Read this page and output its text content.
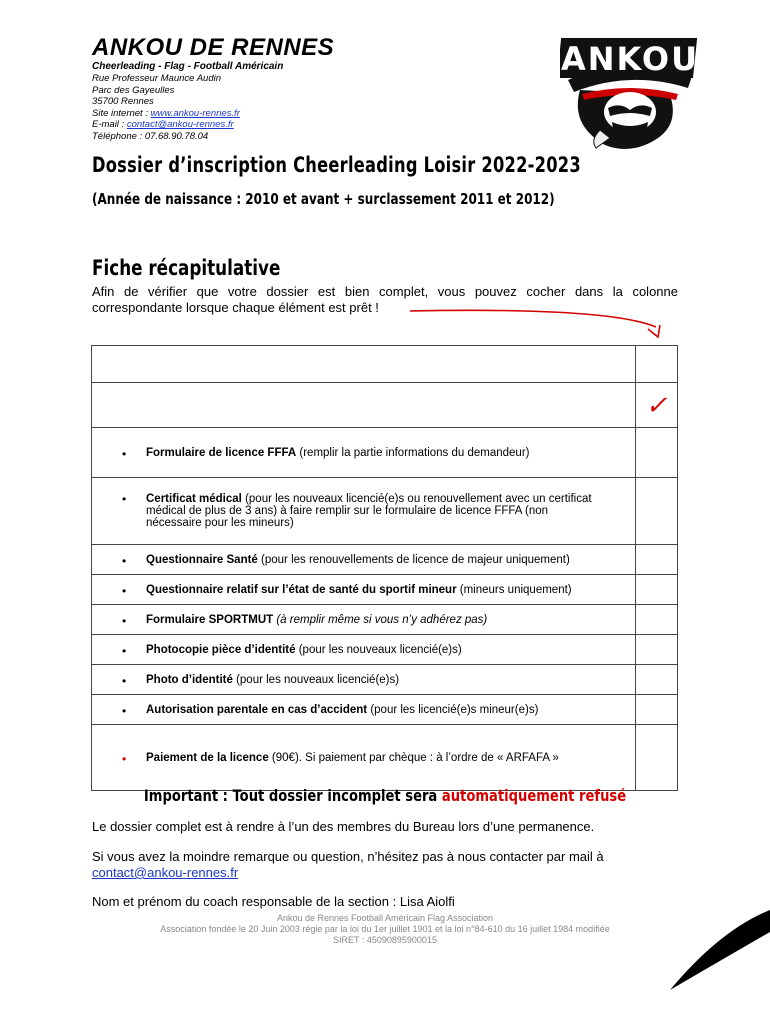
ANKOU DE RENNES
Cheerleading - Flag - Football Américain
Rue Professeur Maurice Audin
Parc des Gayeulles
35700 Rennes
Site internet : www.ankou-rennes.fr
E-mail : contact@ankou-rennes.fr
Téléphone : 07.68.90.78.04
ANKOU
Dossier d’inscription Cheerleading Loisir 2022-2023
(Année de naissance : 2010 et avant + surclassement 2011 et 2012)
Fiche récapitulative
Afin de vérifier que votre dossier est bien complet, vous pouvez cocher dans la colonne correspondante lorsque chaque élément est prêt !

	✓

• Formulaire de licence FFFA (remplir la partie informations du demandeur)	

• Certificat médical (pour les nouveaux licencié(e)s ou renouvellement avec un certificat médical de plus de 3 ans) à faire remplir sur le formulaire de licence FFFA (non nécessaire pour les mineurs)	

• Questionnaire Santé (pour les renouvellements de licence de majeur uniquement)	

• Questionnaire relatif sur l’état de santé du sportif mineur (mineurs uniquement)	

• Formulaire SPORTMUT (à remplir même si vous n’y adhérez pas)	

• Photocopie pièce d’identité (pour les nouveaux licencié(e)s)	

• Photo d’identité (pour les nouveaux licencié(e)s)	

• Autorisation parentale en cas d’accident (pour les licencié(e)s mineur(e)s)	

• Paiement de la licence (90€). Si paiement par chèque : à l’ordre de « ARFAFA »	
Important : Tout dossier incomplet sera automatiquement refusé
Le dossier complet est à rendre à l’un des membres du Bureau lors d’une permanence.
Si vous avez la moindre remarque ou question, n’hésitez pas à nous contacter par mail à
contact@ankou-rennes.fr
Nom et prénom du coach responsable de la section : Lisa Aiolfi
Ankou de Rennes Football Américain Flag Association
Association fondée le 20 Juin 2003 régie par la loi du 1er juillet 1901 et la loi n°84-610 du 16 juillet 1984 modifiée
SIRET : 45090895900015
